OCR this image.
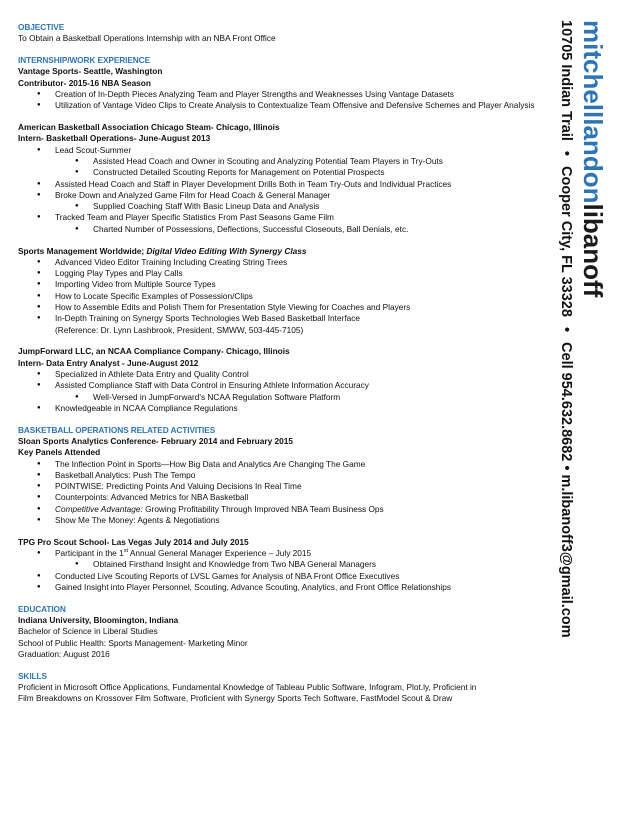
OBJECTIVE
To Obtain a Basketball Operations Internship with an NBA Front Office
INTERNSHIP/WORK EXPERIENCE
Vantage Sports- Seattle, Washington
Contributor- 2015-16 NBA Season
● Creation of In-Depth Pieces Analyzing Team and Player Strengths and Weaknesses Using Vantage Datasets
● Utilization of Vantage Video Clips to Create Analysis to Contextualize Team Offensive and Defensive Schemes and Player Analysis
American Basketball Association Chicago Steam- Chicago, Illinois
Intern- Basketball Operations- June-August 2013
● Lead Scout-Summer
● Assisted Head Coach and Owner in Scouting and Analyzing Potential Team Players in Try-Outs
● Constructed Detailed Scouting Reports for Management on Potential Prospects
● Assisted Head Coach and Staff in Player Development Drills Both in Team Try-Outs and Individual Practices
● Broke Down and Analyzed Game Film for Head Coach & General Manager
● Supplied Coaching Staff With Basic Lineup Data and Analysis
● Tracked Team and Player Specific Statistics From Past Seasons Game Film
● Charted Number of Possessions, Deflections, Successful Closeouts, Ball Denials, etc.
Sports Management Worldwide; Digital Video Editing With Synergy Class
● Advanced Video Editor Training Including Creating String Trees
● Logging Play Types and Play Calls
● Importing Video from Multiple Source Types
● How to Locate Specific Examples of Possession/Clips
● How to Assemble Edits and Polish Them for Presentation Style Viewing for Coaches and Players
● In-Depth Training on Synergy Sports Technologies Web Based Basketball Interface
(Reference: Dr. Lynn Lashbrook, President, SMWW, 503-445-7105)
JumpForward LLC, an NCAA Compliance Company- Chicago, Illinois
Intern- Data Entry Analyst - June-August 2012
● Specialized in Athlete Data Entry and Quality Control
● Assisted Compliance Staff with Data Control in Ensuring Athlete Information Accuracy
● Well-Versed in JumpForward's NCAA Regulation Software Platform
● Knowledgeable in NCAA Compliance Regulations
BASKETBALL OPERATIONS RELATED ACTIVITIES
Sloan Sports Analytics Conference- February 2014 and February 2015
Key Panels Attended
● The Inflection Point in Sports—How Big Data and Analytics Are Changing The Game
● Basketball Analytics: Push The Tempo
● POINTWISE: Predicting Points And Valuing Decisions In Real Time
● Counterpoints: Advanced Metrics for NBA Basketball
● Competitive Advantage: Growing Profitability Through Improved NBA Team Business Ops
● Show Me The Money: Agents & Negotiations
TPG Pro Scout School- Las Vegas July 2014 and July 2015
● Participant in the 1st Annual General Manager Experience – July 2015
● Obtained Firsthand Insight and Knowledge from Two NBA General Managers
● Conducted Live Scouting Reports of LVSL Games for Analysis of NBA Front Office Executives
● Gained Insight into Player Personnel, Scouting, Advance Scouting, Analytics, and Front Office Relationships
EDUCATION
Indiana University, Bloomington, Indiana
Bachelor of Science in Liberal Studies
School of Public Health: Sports Management- Marketing Minor
Graduation: August 2016
SKILLS
Proficient in Microsoft Office Applications, Fundamental Knowledge of Tableau Public Software, Infogram, Plot.ly, Proficient in
Film Breakdowns on Krossover Film Software, Proficient with Synergy Sports Tech Software, FastModel Scout & Draw
mitchelllandonlibanoff
10705 Indian Trail•Cooper City, FL 33328•Cell 954.632.8682•m.libanoff3@gmail.com
